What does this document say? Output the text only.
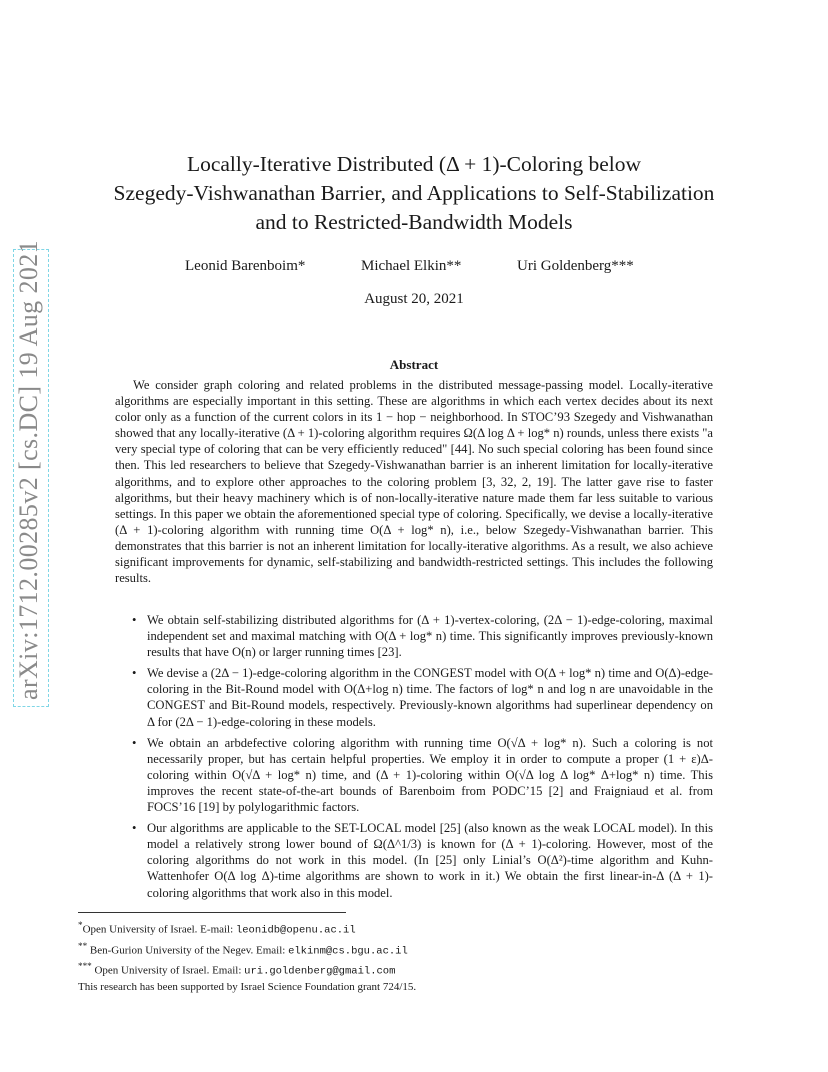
arXiv:1712.00285v2 [cs.DC] 19 Aug 2021
Locally-Iterative Distributed (Δ + 1)-Coloring below
Szegedy-Vishwanathan Barrier, and Applications to Self-Stabilization
and to Restricted-Bandwidth Models
Leonid Barenboim*	Michael Elkin**	Uri Goldenberg***
August 20, 2021
Abstract
We consider graph coloring and related problems in the distributed message-passing model. Locally-iterative algorithms are especially important in this setting. These are algorithms in which each vertex decides about its next color only as a function of the current colors in its 1 − hop − neighborhood. In STOC’93 Szegedy and Vishwanathan showed that any locally-iterative (Δ + 1)-coloring algorithm requires Ω(Δ log Δ + log* n) rounds, unless there exists "a very special type of coloring that can be very efficiently reduced" [44]. No such special coloring has been found since then. This led researchers to believe that Szegedy-Vishwanathan barrier is an inherent limitation for locally-iterative algorithms, and to explore other approaches to the coloring problem [3, 32, 2, 19]. The latter gave rise to faster algorithms, but their heavy machinery which is of non-locally-iterative nature made them far less suitable to various settings. In this paper we obtain the aforementioned special type of coloring. Specifically, we devise a locally-iterative (Δ + 1)-coloring algorithm with running time O(Δ + log* n), i.e., below Szegedy-Vishwanathan barrier. This demonstrates that this barrier is not an inherent limitation for locally-iterative algorithms. As a result, we also achieve significant improvements for dynamic, self-stabilizing and bandwidth-restricted settings. This includes the following results.
• We obtain self-stabilizing distributed algorithms for (Δ + 1)-vertex-coloring, (2Δ − 1)-edge-coloring, maximal independent set and maximal matching with O(Δ + log* n) time. This significantly improves previously-known results that have O(n) or larger running times [23].
• We devise a (2Δ − 1)-edge-coloring algorithm in the CONGEST model with O(Δ + log* n) time and O(Δ)-edge-coloring in the Bit-Round model with O(Δ+log n) time. The factors of log* n and log n are unavoidable in the CONGEST and Bit-Round models, respectively. Previously-known algorithms had superlinear dependency on Δ for (2Δ − 1)-edge-coloring in these models.
• We obtain an arbdefective coloring algorithm with running time O(√Δ + log* n). Such a coloring is not necessarily proper, but has certain helpful properties. We employ it in order to compute a proper (1 + ε)Δ-coloring within O(√Δ + log* n) time, and (Δ + 1)-coloring within O(√Δ log Δ log* Δ+log* n) time. This improves the recent state-of-the-art bounds of Barenboim from PODC’15 [2] and Fraigniaud et al. from FOCS’16 [19] by polylogarithmic factors.
• Our algorithms are applicable to the SET-LOCAL model [25] (also known as the weak LOCAL model). In this model a relatively strong lower bound of Ω(Δ^1/3) is known for (Δ + 1)-coloring. However, most of the coloring algorithms do not work in this model. (In [25] only Linial’s O(Δ²)-time algorithm and Kuhn-Wattenhofer O(Δ log Δ)-time algorithms are shown to work in it.) We obtain the first linear-in-Δ (Δ + 1)-coloring algorithms that work also in this model.
*Open University of Israel. E-mail: leonidb@openu.ac.il
** Ben-Gurion University of the Negev. Email: elkinm@cs.bgu.ac.il
*** Open University of Israel. Email: uri.goldenberg@gmail.com
This research has been supported by Israel Science Foundation grant 724/15.
